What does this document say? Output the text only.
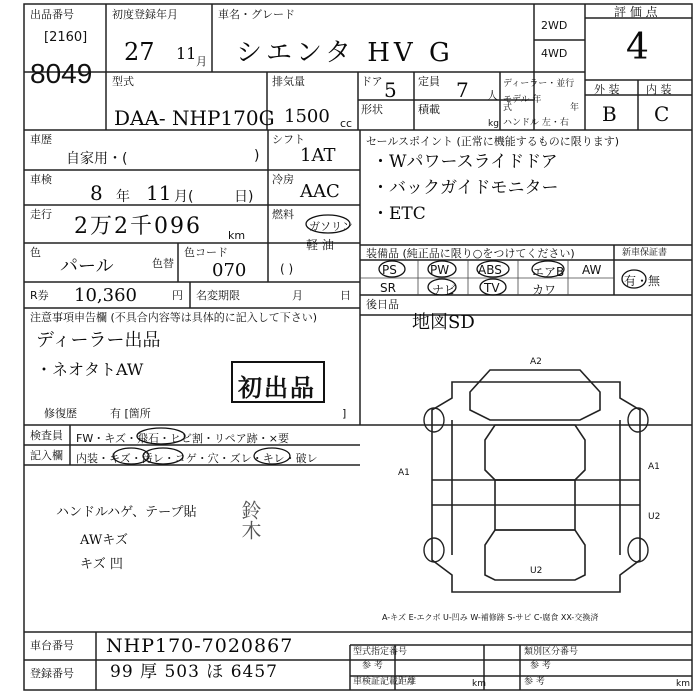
出品番号
[2160]
8049
初度登録年月
27 11 月
車名・グレード
シエンタ HV G
2WD
4WD
評 価 点
4
型式
DAA- NHP170G
排気量
1500 cc
ドア 5 定員 7 人
形状	積載
kg
ディーラー・並行
モデル 年式	年
ハンドル 左・右
外 装 内 装
B C
車歴
自家用・(	)
シフト
1AT
車検
8 年 11 月(	日)
冷房
AAC
走行 2万2千096 km
燃料
ガソリン
軽 油
( )
色
パール	色替
色コード
070
R券 10,360	円 名変期限	月	日
セールスポイント (正常に機能するものに限ります)
・Wパワースライドドア
・バックガイドモニター
・ETC
装備品 (純正品に限り○をつけてください)	新車保証書
PS	PW ABS	エアB AW
SR	ナビ TV	カワ
有・無
後日品
地図SD
注意事項申告欄 (不具合内容等は具体的に記入して下さい)
ディーラー出品
・ネオタトAW
初出品
修復歴	有 [箇所	]
検査員
記入欄
FW・キズ・飛石・ヒビ割・リペア跡・×要
内装・キズ・汚レ・コゲ・穴・ズレ・キレ・破レ
ハンドルハゲ、テープ貼
AWキズ
キズ 凹
鈴木
A2
U2
A1
A1
U2
A-キズ E-エクボ U-凹み W-補修跡 S-サビ C-腐食 XX-交換済
車台番号 NHP170-7020867
登録番号 99 厚 503 ほ 6457
型式指定番号
参 考
類別区分番号
参 考
車検証記載距離	参 考
km	km
